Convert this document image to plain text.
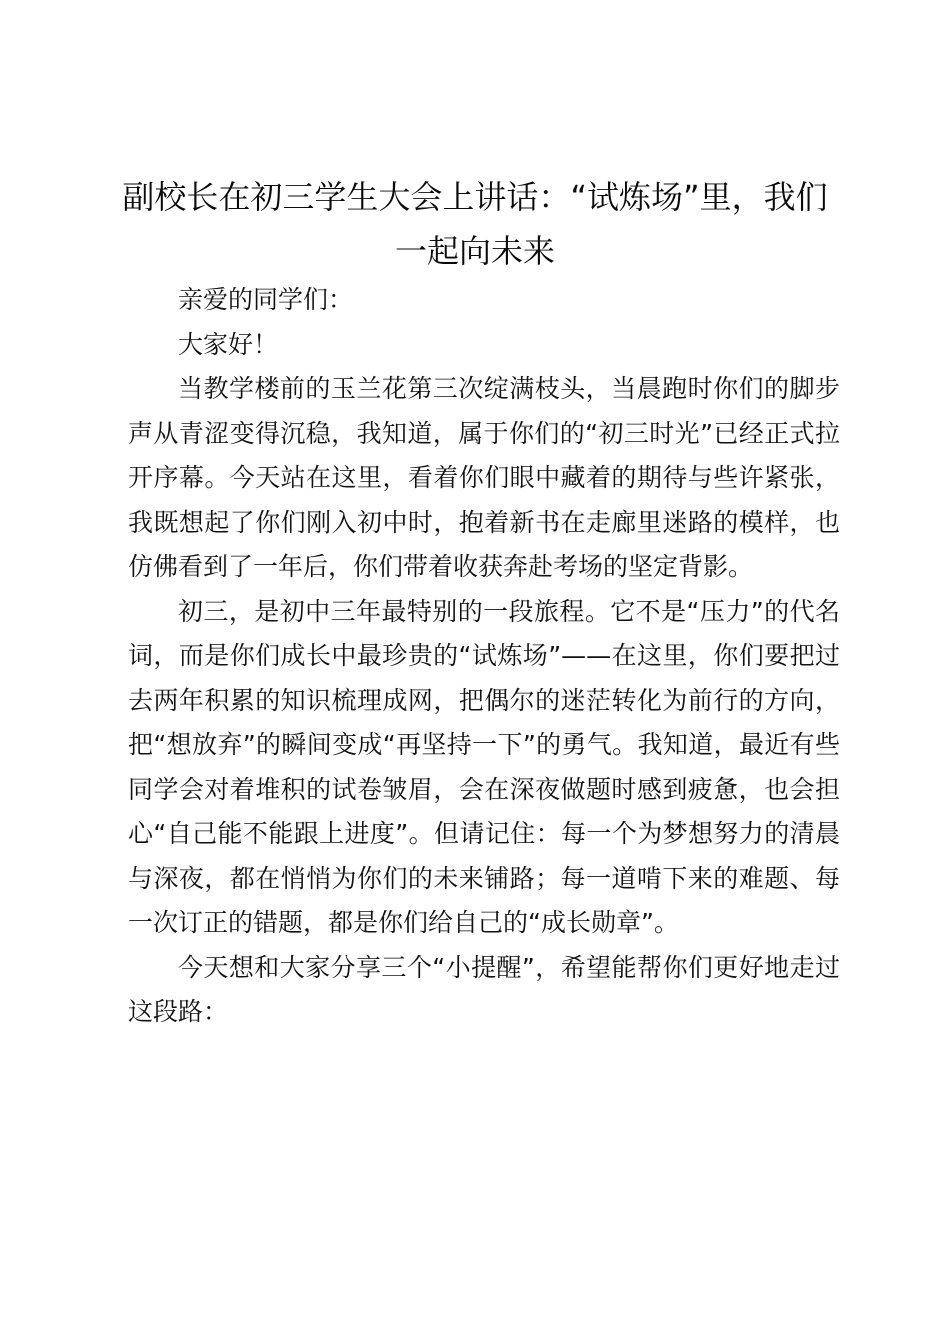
副校长在初三学生大会上讲话：“试炼场”里，我们一起向未来

亲爱的同学们：

大家好！

当教学楼前的玉兰花第三次绽满枝头，当晨跑时你们的脚步声从青涩变得沉稳，我知道，属于你们的“初三时光”已经正式拉开序幕。今天站在这里，看着你们眼中藏着的期待与些许紧张，我既想起了你们刚入初中时，抱着新书在走廊里迷路的模样，也仿佛看到了一年后，你们带着收获奔赴考场的坚定背影。

初三，是初中三年最特别的一段旅程。它不是“压力”的代名词，而是你们成长中最珍贵的“试炼场”——在这里，你们要把过去两年积累的知识梳理成网，把偶尔的迷茫转化为前行的方向，把“想放弃”的瞬间变成“再坚持一下”的勇气。我知道，最近有些同学会对着堆积的试卷皱眉，会在深夜做题时感到疲惫，也会担心“自己能不能跟上进度”。但请记住：每一个为梦想努力的清晨与深夜，都在悄悄为你们的未来铺路；每一道啃下来的难题、每一次订正的错题，都是你们给自己的“成长勋章”。

今天想和大家分享三个“小提醒”，希望能帮你们更好地走过这段路：
